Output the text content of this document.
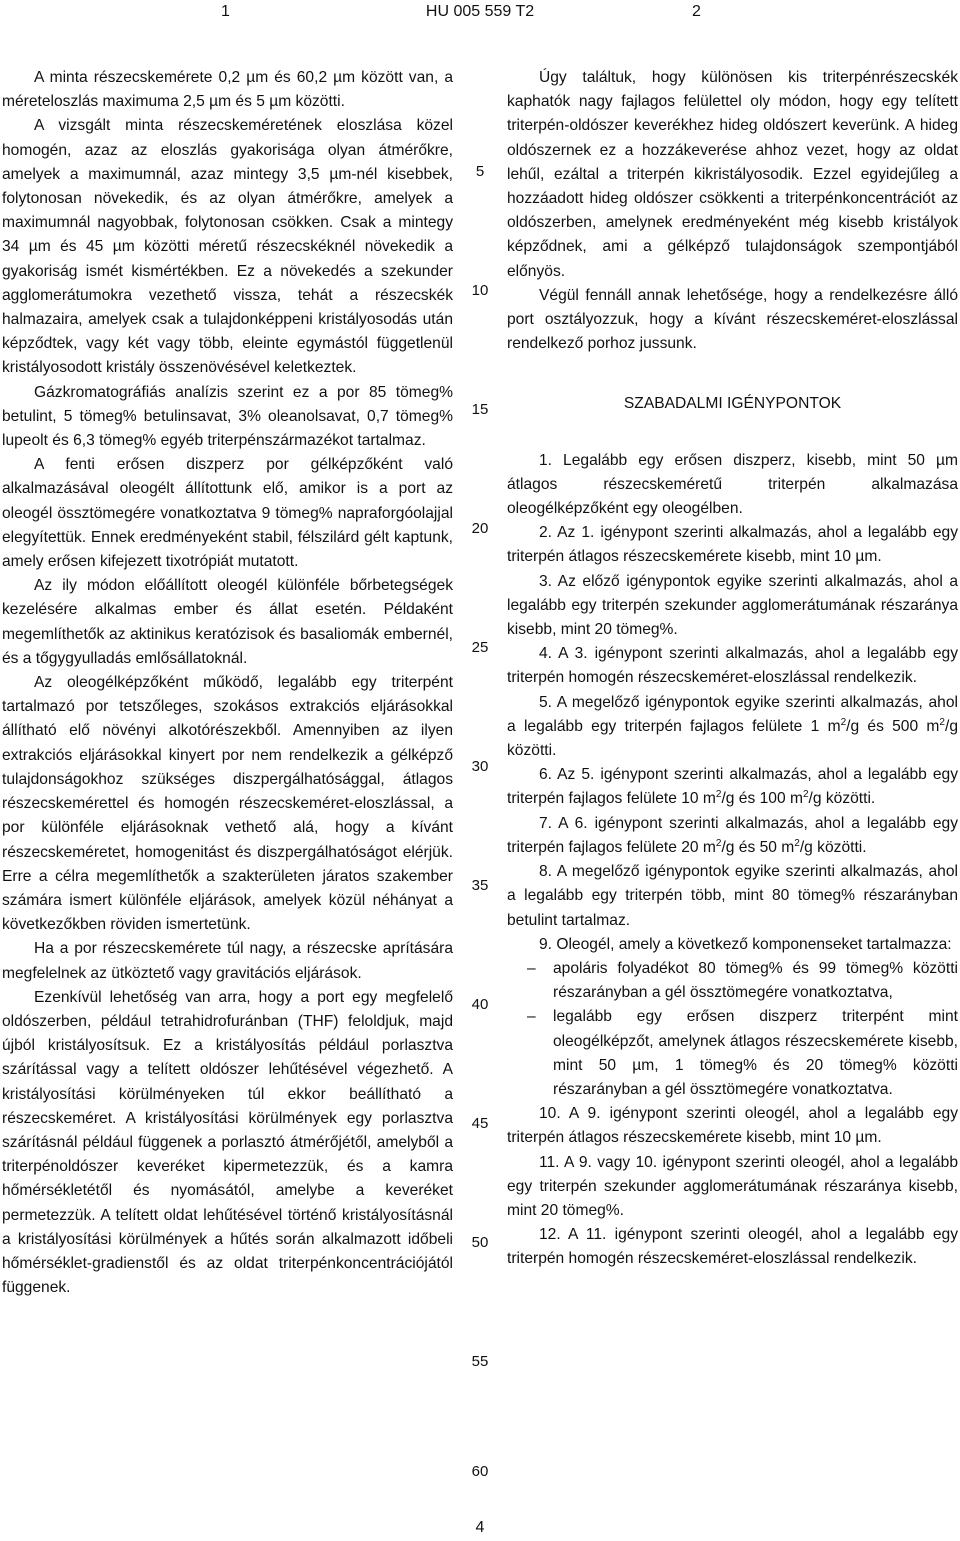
1	HU 005 559 T2	2

A minta részecskemérete 0,2 µm és 60,2 µm között van, a méreteloszlás maximuma 2,5 µm és 5 µm közötti.

A vizsgált minta részecskeméretének eloszlása közel homogén, azaz az eloszlás gyakorisága olyan átmérőkre, amelyek a maximumnál, azaz mintegy 3,5 µm-nél kisebbek, folytonosan növekedik, és az olyan átmérőkre, amelyek a maximumnál nagyobbak, folytonosan csökken. Csak a mintegy 34 µm és 45 µm közötti méretű részecskéknél növekedik a gyakoriság ismét kismértékben. Ez a növekedés a szekunder agglomerátumokra vezethető vissza, tehát a részecskék halmazaira, amelyek csak a tulajdonképpeni kristályosodás után képződtek, vagy két vagy több, eleinte egymástól függetlenül kristályosodott kristály összenövésével keletkeztek.

Gázkromatográfiás analízis szerint ez a por 85 tömeg% betulint, 5 tömeg% betulinsavat, 3% oleanolsavat, 0,7 tömeg% lupeolt és 6,3 tömeg% egyéb triterpénszármazékot tartalmaz.

A fenti erősen diszperz por gélképzőként való alkalmazásával oleogélt állítottunk elő, amikor is a port az oleogél össztömegére vonatkoztatva 9 tömeg% napraforgóolajjal elegyítettük. Ennek eredményeként stabil, félszilárd gélt kaptunk, amely erősen kifejezett tixotrópiát mutatott.

Az ily módon előállított oleogél különféle bőrbetegségek kezelésére alkalmas ember és állat esetén. Példaként megemlíthetők az aktinikus keratózisok és basaliomák embernél, és a tőgygyulladás emlősállatoknál.

Az oleogélképzőként működő, legalább egy triterpént tartalmazó por tetszőleges, szokásos extrakciós eljárásokkal állítható elő növényi alkotórészekből. Amennyiben az ilyen extrakciós eljárásokkal kinyert por nem rendelkezik a gélképző tulajdonságokhoz szükséges diszpergálhatósággal, átlagos részecskemérettel és homogén részecskeméret-eloszlással, a por különféle eljárásoknak vethető alá, hogy a kívánt részecskeméretet, homogenitást és diszpergálhatóságot elérjük. Erre a célra megemlíthetők a szakterületen járatos szakember számára ismert különféle eljárások, amelyek közül néhányat a következőkben röviden ismertetünk.

Ha a por részecskemérete túl nagy, a részecske aprítására megfelelnek az ütköztető vagy gravitációs eljárások.

Ezenkívül lehetőség van arra, hogy a port egy megfelelő oldószerben, például tetrahidrofuránban (THF) feloldjuk, majd újból kristályosítsuk. Ez a kristályosítás például porlasztva szárítással vagy a telített oldószer lehűtésével végezhető. A kristályosítási körülményeken túl ekkor beállítható a részecskeméret. A kristályosítási körülmények egy porlasztva szárításnál például függenek a porlasztó átmérőjétől, amelyből a triterpénoldószer keveréket kipermetezzük, és a kamra hőmérsékletétől és nyomásától, amelybe a keveréket permetezzük. A telített oldat lehűtésével történő kristályosításnál a kristályosítási körülmények a hűtés során alkalmazott időbeli hőmérséklet-gradienstől és az oldat triterpénkoncentrációjától függenek.

5
10
15
20
25
30
35
40
45
50
55
60

Úgy találtuk, hogy különösen kis triterpénrészecskék kaphatók nagy fajlagos felülettel oly módon, hogy egy telített triterpén-oldószer keverékhez hideg oldószert keverünk. A hideg oldószernek ez a hozzákeverése ahhoz vezet, hogy az oldat lehűl, ezáltal a triterpén kikristályosodik. Ezzel egyidejűleg a hozzáadott hideg oldószer csökkenti a triterpénkoncentrációt az oldószerben, amelynek eredményeként még kisebb kristályok képződnek, ami a gélképző tulajdonságok szempontjából előnyös.

Végül fennáll annak lehetősége, hogy a rendelkezésre álló port osztályozzuk, hogy a kívánt részecskeméret-eloszlással rendelkező porhoz jussunk.

SZABADALMI IGÉNYPONTOK

1. Legalább egy erősen diszperz, kisebb, mint 50 µm átlagos részecskeméretű triterpén alkalmazása oleogélképzőként egy oleogélben.

2. Az 1. igénypont szerinti alkalmazás, ahol a legalább egy triterpén átlagos részecskemérete kisebb, mint 10 µm.

3. Az előző igénypontok egyike szerinti alkalmazás, ahol a legalább egy triterpén szekunder agglomerátumának részaránya kisebb, mint 20 tömeg%.

4. A 3. igénypont szerinti alkalmazás, ahol a legalább egy triterpén homogén részecskeméret-eloszlással rendelkezik.

5. A megelőző igénypontok egyike szerinti alkalmazás, ahol a legalább egy triterpén fajlagos felülete 1 $m^2/g$ és 500 $m^2/g$ közötti.

6. Az 5. igénypont szerinti alkalmazás, ahol a legalább egy triterpén fajlagos felülete 10 $m^2/g$ és 100 $m^2/g$ közötti.

7. A 6. igénypont szerinti alkalmazás, ahol a legalább egy triterpén fajlagos felülete 20 $m^2/g$ és 50 $m^2/g$ közötti.

8. A megelőző igénypontok egyike szerinti alkalmazás, ahol a legalább egy triterpén több, mint 80 tömeg% részarányban betulint tartalmaz.

9. Oleogél, amely a következő komponenseket tartalmazza:

– apoláris folyadékot 80 tömeg% és 99 tömeg% közötti részarányban a gél össztömegére vonatkoztatva,
– legalább egy erősen diszperz triterpént mint oleogélképzőt, amelynek átlagos részecskemérete kisebb, mint 50 µm, 1 tömeg% és 20 tömeg% közötti részarányban a gél össztömegére vonatkoztatva.

10. A 9. igénypont szerinti oleogél, ahol a legalább egy triterpén átlagos részecskemérete kisebb, mint 10 µm.

11. A 9. vagy 10. igénypont szerinti oleogél, ahol a legalább egy triterpén szekunder agglomerátumának részaránya kisebb, mint 20 tömeg%.

12. A 11. igénypont szerinti oleogél, ahol a legalább egy triterpén homogén részecskeméret-eloszlással rendelkezik.

4
